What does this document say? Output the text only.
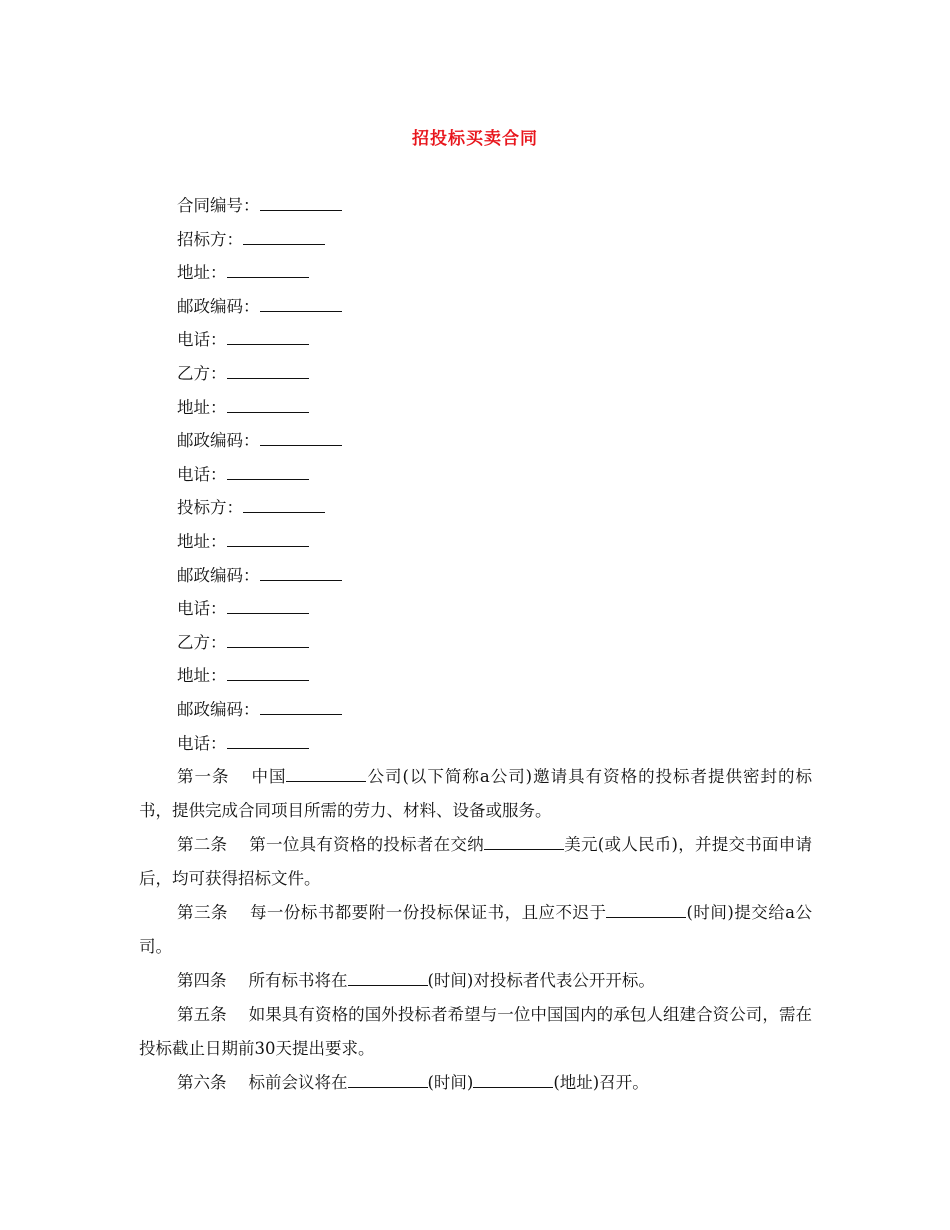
招投标买卖合同
合同编号：
招标方：
地址：
邮政编码：
电话：
乙方：
地址：
邮政编码：
电话：
投标方：
地址：
邮政编码：
电话：
乙方：
地址：
邮政编码：
电话：

第一条 中国	公司(以下简称a公司)邀请具有资格的投标者提供密封的标书，提供完成合同项目所需的劳力、材料、设备或服务。

第二条 第一位具有资格的投标者在交纳	美元(或人民币)，并提交书面申请后，均可获得招标文件。

第三条 每一份标书都要附一份投标保证书，且应不迟于	(时间)提交给a公司。

第四条 所有标书将在	(时间)对投标者代表公开开标。

第五条 如果具有资格的国外投标者希望与一位中国国内的承包人组建合资公司，需在投标截止日期前30天提出要求。

第六条 标前会议将在	(时间)	(地址)召开。
